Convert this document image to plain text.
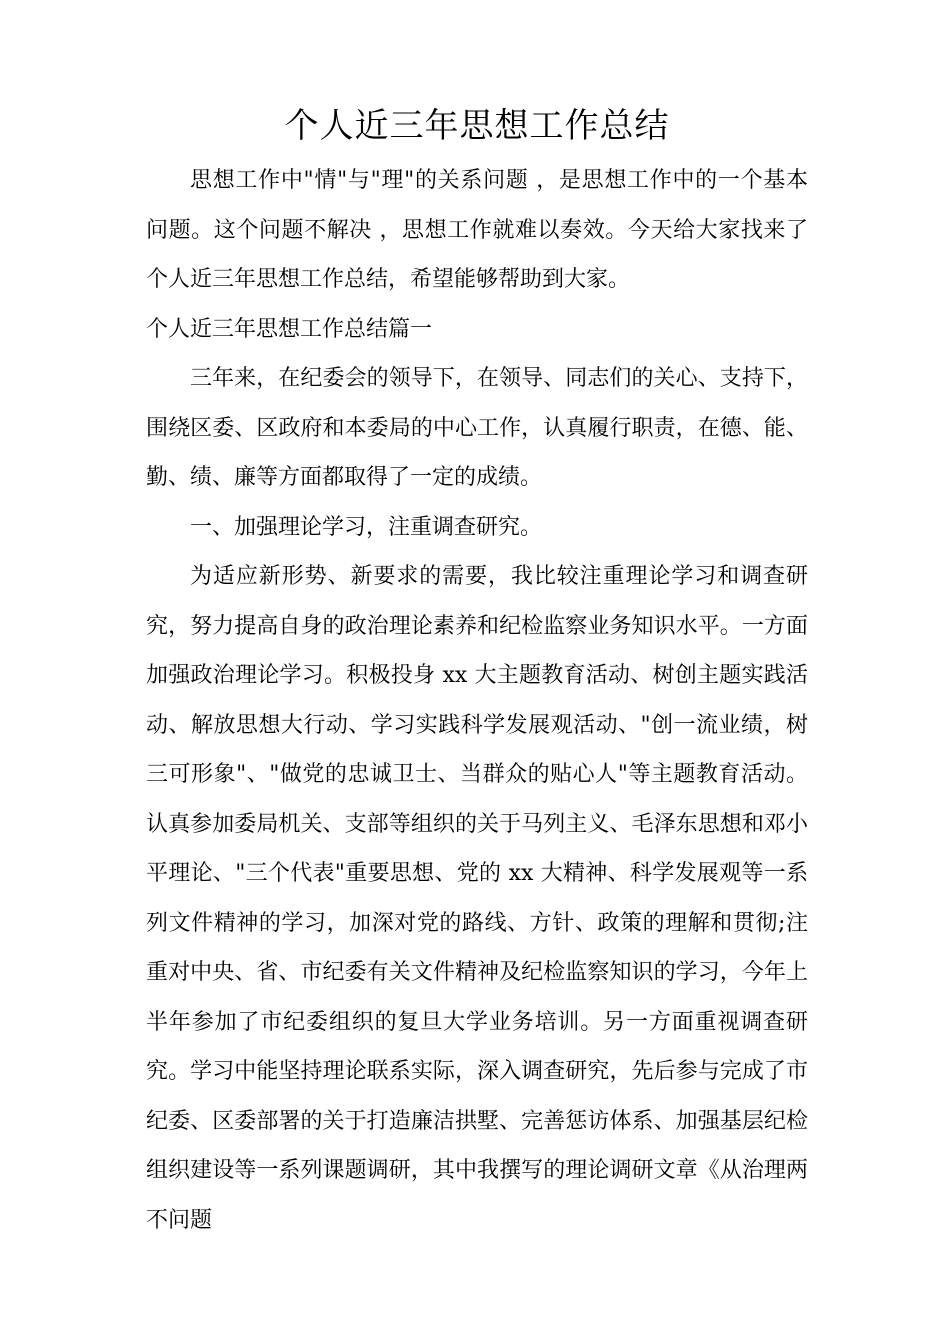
个人近三年思想工作总结

思想工作中"情"与"理"的关系问题 ，是思想工作中的一个基本问题。这个问题不解决 ，思想工作就难以奏效。今天给大家找来了个人近三年思想工作总结，希望能够帮助到大家。

个人近三年思想工作总结篇一

三年来，在纪委会的领导下，在领导、同志们的关心、支持下，围绕区委、区政府和本委局的中心工作，认真履行职责，在德、能、勤、绩、廉等方面都取得了一定的成绩。

一、加强理论学习，注重调查研究。

为适应新形势、新要求的需要，我比较注重理论学习和调查研究，努力提高自身的政治理论素养和纪检监察业务知识水平。一方面加强政治理论学习。积极投身 xx 大主题教育活动、树创主题实践活动、解放思想大行动、学习实践科学发展观活动、"创一流业绩，树三可形象"、"做党的忠诚卫士、当群众的贴心人"等主题教育活动。认真参加委局机关、支部等组织的关于马列主义、毛泽东思想和邓小平理论、"三个代表"重要思想、党的 xx 大精神、科学发展观等一系列文件精神的学习，加深对党的路线、方针、政策的理解和贯彻;注重对中央、省、市纪委有关文件精神及纪检监察知识的学习，今年上半年参加了市纪委组织的复旦大学业务培训。另一方面重视调查研究。学习中能坚持理论联系实际，深入调查研究，先后参与完成了市纪委、区委部署的关于打造廉洁拱墅、完善惩访体系、加强基层纪检组织建设等一系列课题调研，其中我撰写的理论调研文章《从治理两不问题
